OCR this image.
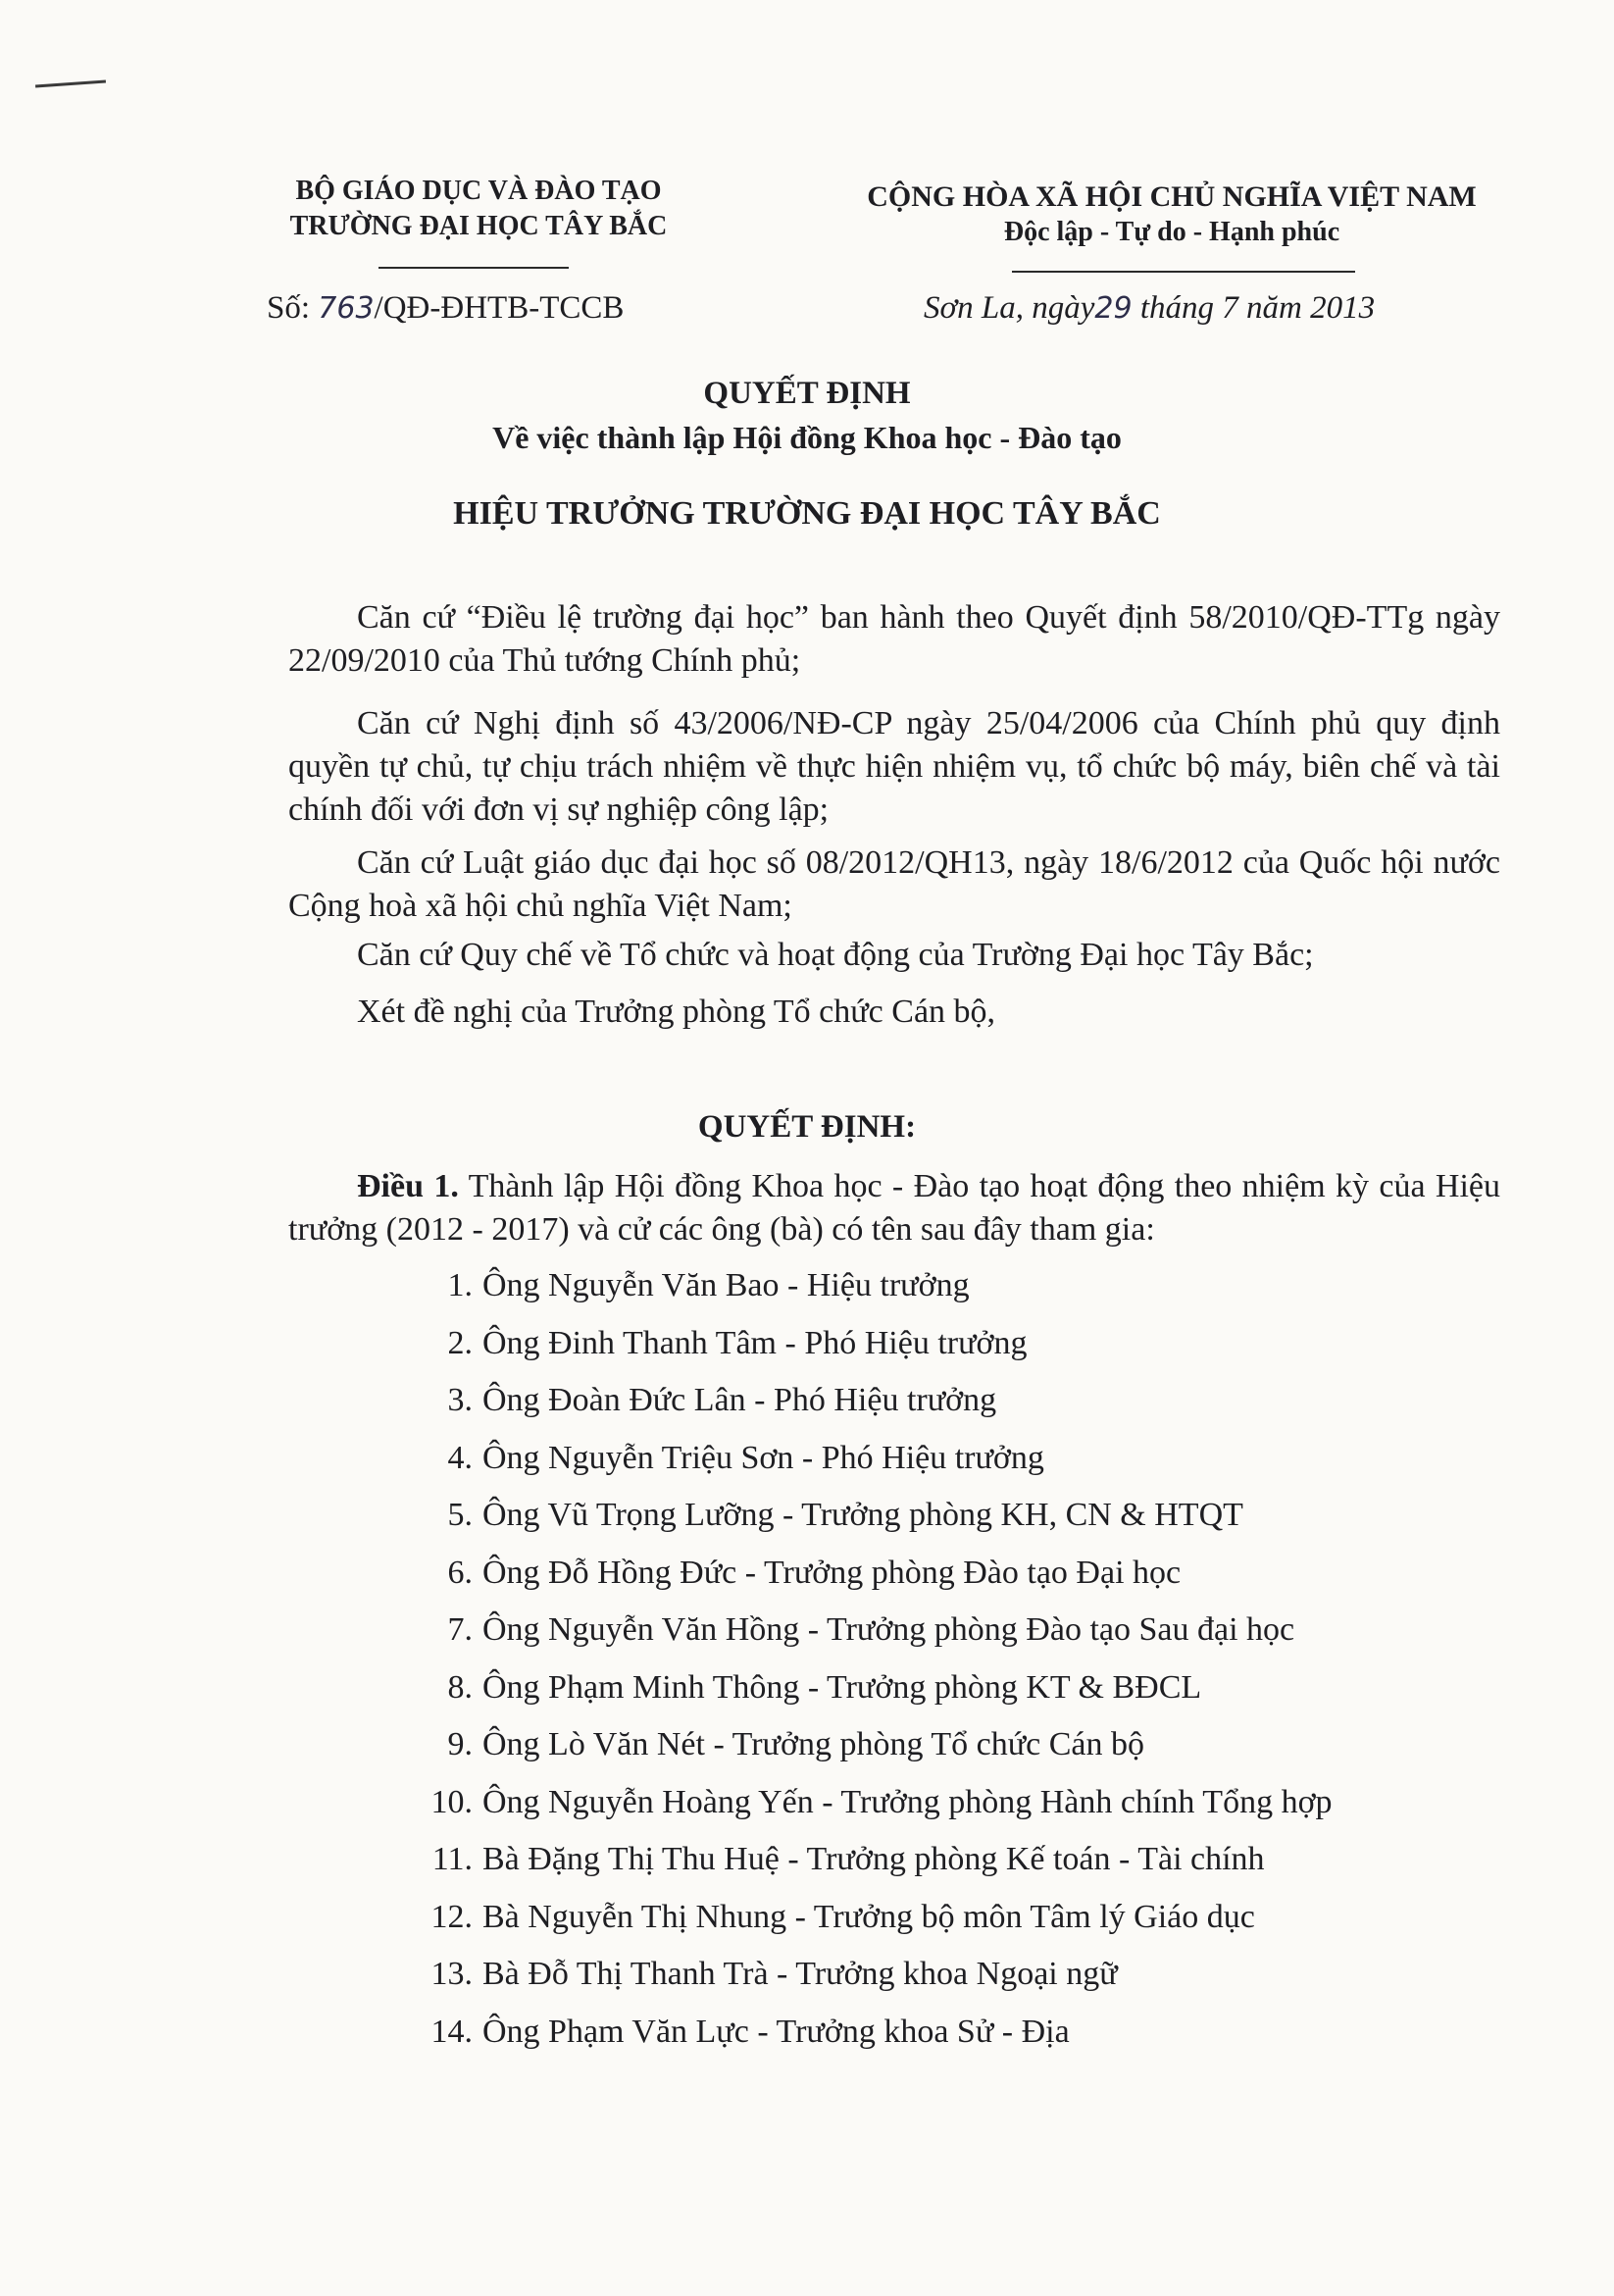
BỘ GIÁO DỤC VÀ ĐÀO TẠO
TRƯỜNG ĐẠI HỌC TÂY BẮC
CỘNG HÒA XÃ HỘI CHỦ NGHĨA VIỆT NAM
Độc lập - Tự do - Hạnh phúc
Số: 763/QĐ-ĐHTB-TCCB	Sơn La, ngày29 tháng 7 năm 2013
QUYẾT ĐỊNH
Về việc thành lập Hội đồng Khoa học - Đào tạo
HIỆU TRƯỞNG TRƯỜNG ĐẠI HỌC TÂY BẮC

Căn cứ “Điều lệ trường đại học” ban hành theo Quyết định 58/2010/QĐ-TTg ngày 22/09/2010 của Thủ tướng Chính phủ;

Căn cứ Nghị định số 43/2006/NĐ-CP ngày 25/04/2006 của Chính phủ quy định quyền tự chủ, tự chịu trách nhiệm về thực hiện nhiệm vụ, tổ chức bộ máy, biên chế và tài chính đối với đơn vị sự nghiệp công lập;

Căn cứ Luật giáo dục đại học số 08/2012/QH13, ngày 18/6/2012 của Quốc hội nước Cộng hoà xã hội chủ nghĩa Việt Nam;

Căn cứ Quy chế về Tổ chức và hoạt động của Trường Đại học Tây Bắc;

Xét đề nghị của Trưởng phòng Tổ chức Cán bộ,

QUYẾT ĐỊNH:

Điều 1. Thành lập Hội đồng Khoa học - Đào tạo hoạt động theo nhiệm kỳ của Hiệu trưởng (2012 - 2017) và cử các ông (bà) có tên sau đây tham gia:

1. Ông Nguyễn Văn Bao - Hiệu trưởng
2. Ông Đinh Thanh Tâm - Phó Hiệu trưởng
3. Ông Đoàn Đức Lân - Phó Hiệu trưởng
4. Ông Nguyễn Triệu Sơn - Phó Hiệu trưởng
5. Ông Vũ Trọng Lưỡng - Trưởng phòng KH, CN & HTQT
6. Ông Đỗ Hồng Đức - Trưởng phòng Đào tạo Đại học
7. Ông Nguyễn Văn Hồng - Trưởng phòng Đào tạo Sau đại học
8. Ông Phạm Minh Thông - Trưởng phòng KT & BĐCL
9. Ông Lò Văn Nét - Trưởng phòng Tổ chức Cán bộ
10. Ông Nguyễn Hoàng Yến - Trưởng phòng Hành chính Tổng hợp
11. Bà Đặng Thị Thu Huệ - Trưởng phòng Kế toán - Tài chính
12. Bà Nguyễn Thị Nhung - Trưởng bộ môn Tâm lý Giáo dục
13. Bà Đỗ Thị Thanh Trà - Trưởng khoa Ngoại ngữ
14. Ông Phạm Văn Lực - Trưởng khoa Sử - Địa
